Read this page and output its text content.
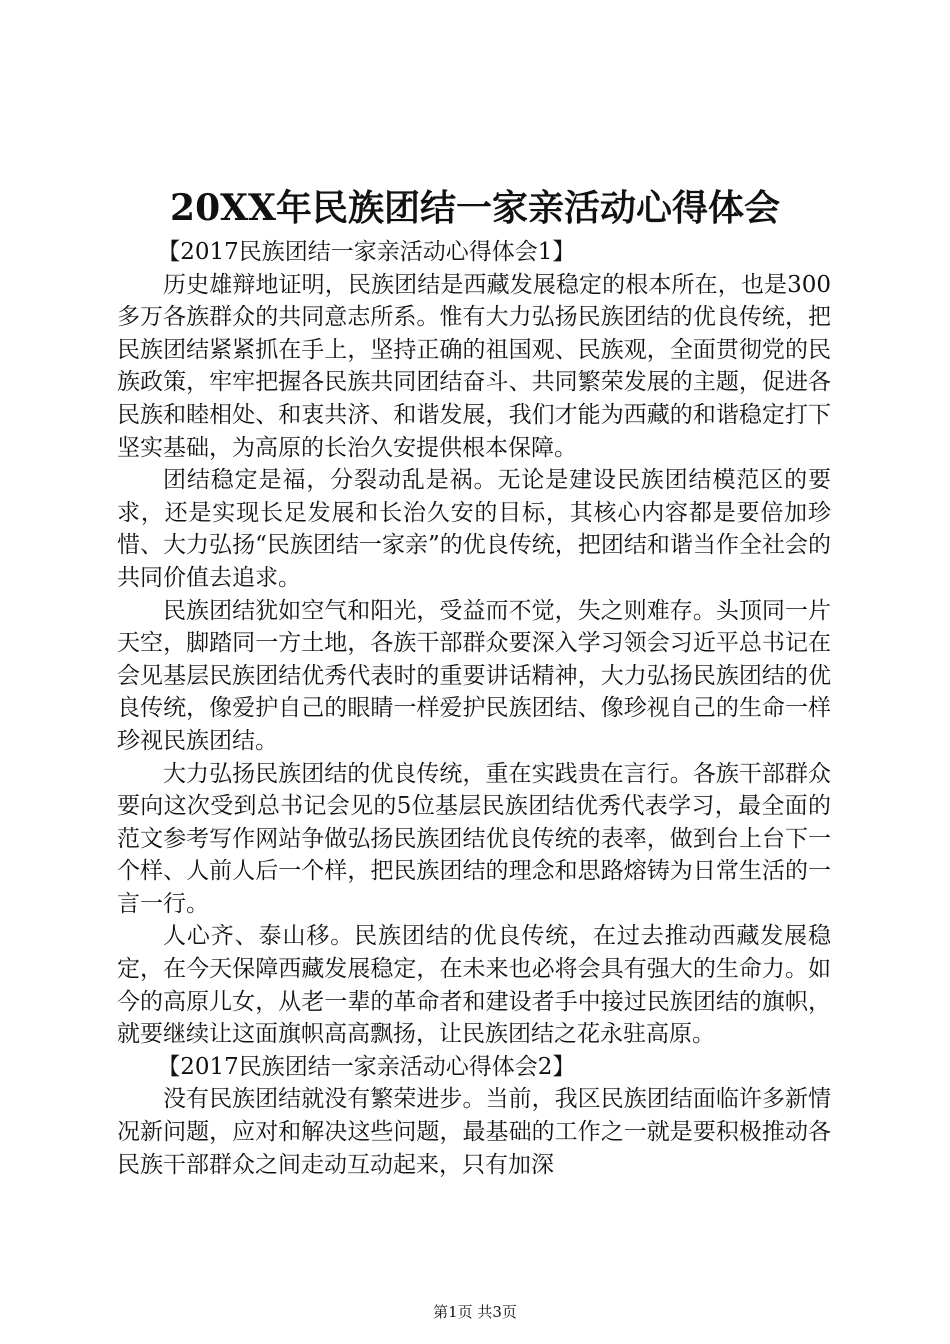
20XX年民族团结一家亲活动心得体会

【2017民族团结一家亲活动心得体会1】

历史雄辩地证明，民族团结是西藏发展稳定的根本所在，也是300多万各族群众的共同意志所系。惟有大力弘扬民族团结的优良传统，把民族团结紧紧抓在手上，坚持正确的祖国观、民族观，全面贯彻党的民族政策，牢牢把握各民族共同团结奋斗、共同繁荣发展的主题，促进各民族和睦相处、和衷共济、和谐发展，我们才能为西藏的和谐稳定打下坚实基础，为高原的长治久安提供根本保障。

团结稳定是福，分裂动乱是祸。无论是建设民族团结模范区的要求，还是实现长足发展和长治久安的目标，其核心内容都是要倍加珍惜、大力弘扬“民族团结一家亲”的优良传统，把团结和谐当作全社会的共同价值去追求。

民族团结犹如空气和阳光，受益而不觉，失之则难存。头顶同一片天空，脚踏同一方土地，各族干部群众要深入学习领会习近平总书记在会见基层民族团结优秀代表时的重要讲话精神，大力弘扬民族团结的优良传统，像爱护自己的眼睛一样爱护民族团结、像珍视自己的生命一样珍视民族团结。

大力弘扬民族团结的优良传统，重在实践贵在言行。各族干部群众要向这次受到总书记会见的5位基层民族团结优秀代表学习，最全面的范文参考写作网站争做弘扬民族团结优良传统的表率，做到台上台下一个样、人前人后一个样，把民族团结的理念和思路熔铸为日常生活的一言一行。

人心齐、泰山移。民族团结的优良传统，在过去推动西藏发展稳定，在今天保障西藏发展稳定，在未来也必将会具有强大的生命力。如今的高原儿女，从老一辈的革命者和建设者手中接过民族团结的旗帜，就要继续让这面旗帜高高飘扬，让民族团结之花永驻高原。

【2017民族团结一家亲活动心得体会2】

没有民族团结就没有繁荣进步。当前，我区民族团结面临许多新情况新问题，应对和解决这些问题，最基础的工作之一就是要积极推动各民族干部群众之间走动互动起来，只有加深

第1页 共3页
